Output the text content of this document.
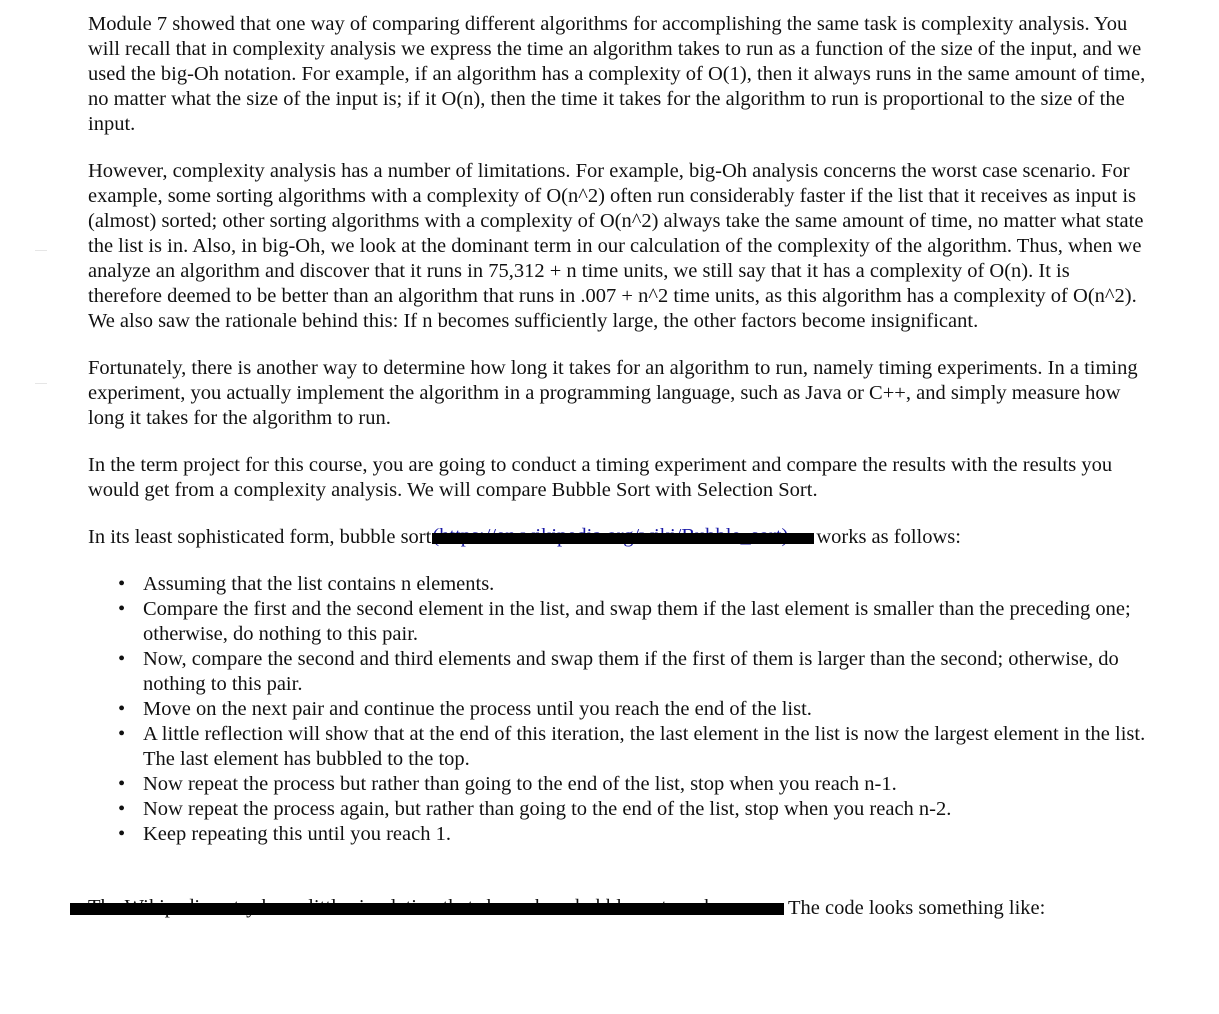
Module 7 showed that one way of comparing different algorithms for accomplishing the same task is complexity analysis. You will recall that in complexity analysis we express the time an algorithm takes to run as a function of the size of the input, and we used the big-Oh notation. For example, if an algorithm has a complexity of O(1), then it always runs in the same amount of time, no matter what the size of the input is; if it O(n), then the time it takes for the algorithm to run is proportional to the size of the input.

However, complexity analysis has a number of limitations. For example, big-Oh analysis concerns the worst case scenario. For example, some sorting algorithms with a complexity of O(n^2) often run considerably faster if the list that it receives as input is (almost) sorted; other sorting algorithms with a complexity of O(n^2) always take the same amount of time, no matter what state the list is in. Also, in big-Oh, we look at the dominant term in our calculation of the complexity of the algorithm. Thus, when we analyze an algorithm and discover that it runs in 75,312 + n time units, we still say that it has a complexity of O(n). It is therefore deemed to be better than an algorithm that runs in .007 + n^2 time units, as this algorithm has a complexity of O(n^2). We also saw the rationale behind this: If n becomes sufficiently large, the other factors become insignificant.

Fortunately, there is another way to determine how long it takes for an algorithm to run, namely timing experiments. In a timing experiment, you actually implement the algorithm in a programming language, such as Java or C++, and simply measure how long it takes for the algorithm to run.

In the term project for this course, you are going to conduct a timing experiment and compare the results with the results you would get from a complexity analysis. We will compare Bubble Sort with Selection Sort.

In its least sophisticated form, bubble sort	works as follows:

• Assuming that the list contains n elements.
• Compare the first and the second element in the list, and swap them if the last element is smaller than the preceding one; otherwise, do nothing to this pair.
• Now, compare the second and third elements and swap them if the first of them is larger than the second; otherwise, do nothing to this pair.
• Move on the next pair and continue the process until you reach the end of the list.
• A little reflection will show that at the end of this iteration, the last element in the list is now the largest element in the list. The last element has bubbled to the top.
• Now repeat the process but rather than going to the end of the list, stop when you reach n-1.
• Now repeat the process again, but rather than going to the end of the list, stop when you reach n-2.
• Keep repeating this until you reach 1.
The code looks something like:
